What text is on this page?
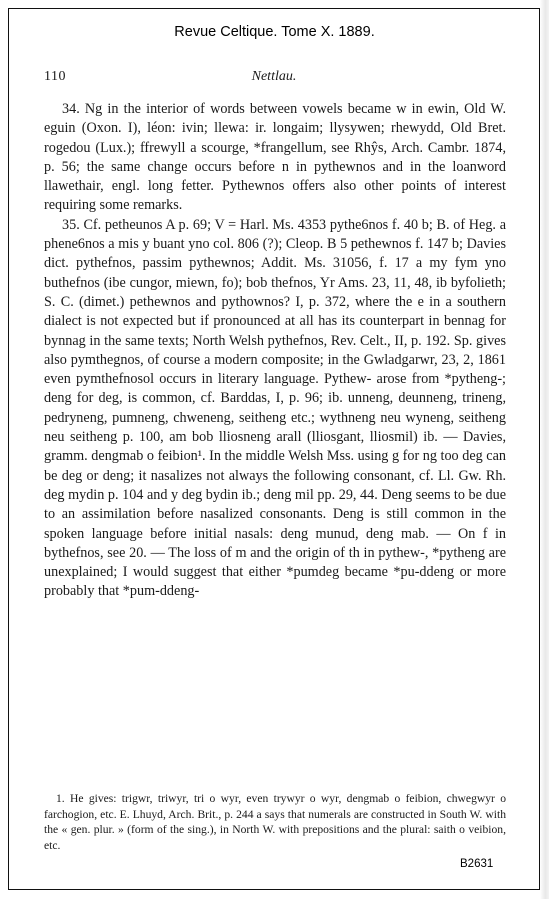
Revue Celtique. Tome X. 1889.
110	Nettlau.

34. Ng in the interior of words between vowels became w in ewin, Old W. eguin (Oxon. I), léon: ivin; llewa: ir. longaim; llysywen; rhewydd, Old Bret. rogedou (Lux.); ffrewyll a scourge, *frangellum, see Rhŷs, Arch. Cambr. 1874, p. 56; the same change occurs before n in pythewnos and in the loanword llawethair, engl. long fetter. Pythewnos offers also other points of interest requiring some remarks.

35. Cf. petheunos A p. 69; V = Harl. Ms. 4353 pythe6nos f. 40 b; B. of Heg. a phene6nos a mis y buant yno col. 806 (?); Cleop. B 5 pethewnos f. 147 b; Davies dict. pythefnos, passim pythewnos; Addit. Ms. 31056, f. 17 a my fym yno buthefnos (ibe cungor, miewn, fo); bob thefnos, Yr Ams. 23, 11, 48, ib byfolieth; S. C. (dimet.) pethewnos and pythownos? I, p. 372, where the e in a southern dialect is not expected but if pronounced at all has its counterpart in bennag for bynnag in the same texts; North Welsh pythefnos, Rev. Celt., II, p. 192. Sp. gives also pymthegnos, of course a modern composite; in the Gwladgarwr, 23, 2, 1861 even pymthefnosol occurs in literary language. Pythew- arose from *pytheng-; deng for deg, is common, cf. Barddas, I, p. 96; ib. unneng, deunneng, trineng, pedryneng, pumneng, chweneng, seitheng etc.; wythneng neu wyneng, seitheng neu seitheng p. 100, am bob lliosneng arall (lliosgant, lliosmil) ib. — Davies, gramm. dengmab o feibion¹. In the middle Welsh Mss. using g for ng too deg can be deg or deng; it nasalizes not always the following consonant, cf. Ll. Gw. Rh. deg mydin p. 104 and y deg bydin ib.; deng mil pp. 29, 44. Deng seems to be due to an assimilation before nasalized consonants. Deng is still common in the spoken language before initial nasals: deng munud, deng mab. — On f in bythefnos, see 20. — The loss of m and the origin of th in pythew-, *pytheng are unexplained; I would suggest that either *pumdeg became *pu-ddeng or more probably that *pum-ddeng-

1. He gives: trigwr, triwyr, tri o wyr, even trywyr o wyr, dengmab o feibion, chwegwyr o farchogion, etc. E. Lhuyd, Arch. Brit., p. 244 a says that numerals are constructed in South W. with the « gen. plur. » (form of the sing.), in North W. with prepositions and the plural: saith o veibion, etc.

B2631
